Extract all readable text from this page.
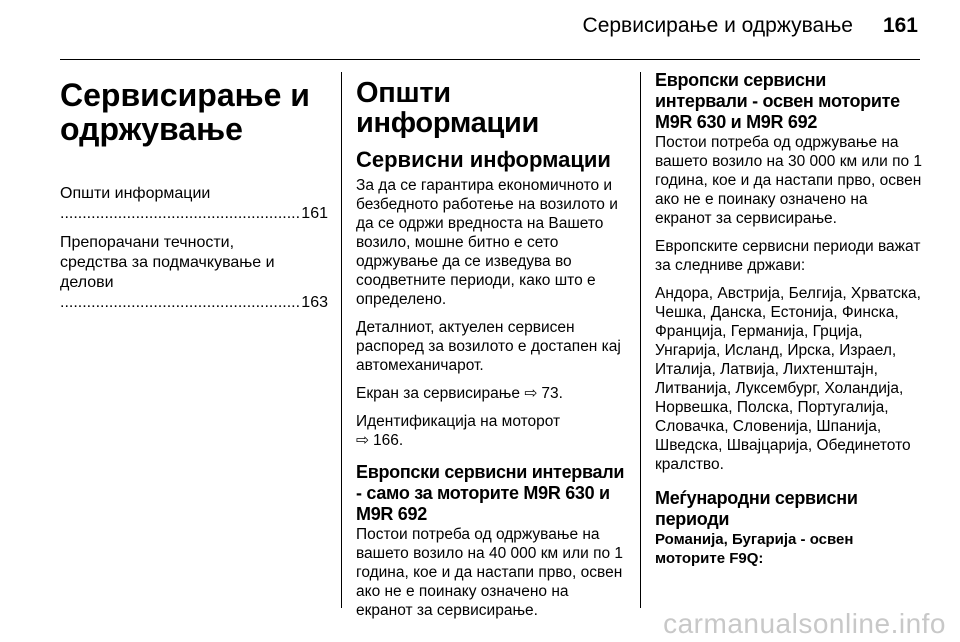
Сервисирање и одржување 161
Сервисирање и одржување
Општи информации .....
161
Препорачани течности,
средства за подмачкување и
делови .....
163
Општи информации
Сервисни информации

За да се гарантира економичното и безбедното работење на возилото и да се одржи вредноста на Вашето возило, мошне битно е сето одржување да се изведува во соодветните периоди, како што е определено.

Деталниот, актуелен сервисен распоред за возилото е достапен кај автомеханичарот.

Екран за сервисирање ⇨ 73.

Идентификација на моторот
⇨ 166.

Европски сервисни интервали - само за моторите M9R 630 и M9R 692

Постои потреба од одржување на вашето возило на 40 000 км или по 1 година, кое и да настапи прво, освен ако не е поинаку означено на екранот за сервисирање.

Европски сервисни интервали - освен моторите M9R 630 и M9R 692

Постои потреба од одржување на вашето возило на 30 000 км или по 1 година, кое и да настапи прво, освен ако не е поинаку означено на екранот за сервисирање.

Европските сервисни периоди важат за следниве држави:

Андора, Австрија, Белгија, Хрватска, Чешка, Данска, Естонија, Финска, Франција, Германија, Грција, Унгарија, Исланд, Ирска, Израел, Италија, Латвија, Лихтенштајн, Литванија, Луксембург, Холандија, Норвешка, Полска, Португалија, Словачка, Словенија, Шпанија, Шведска, Швајцарија, Обединетото кралство.

Меѓународни сервисни периоди
Романија, Бугарија - освен моторите F9Q:
carmanualsonline.info
